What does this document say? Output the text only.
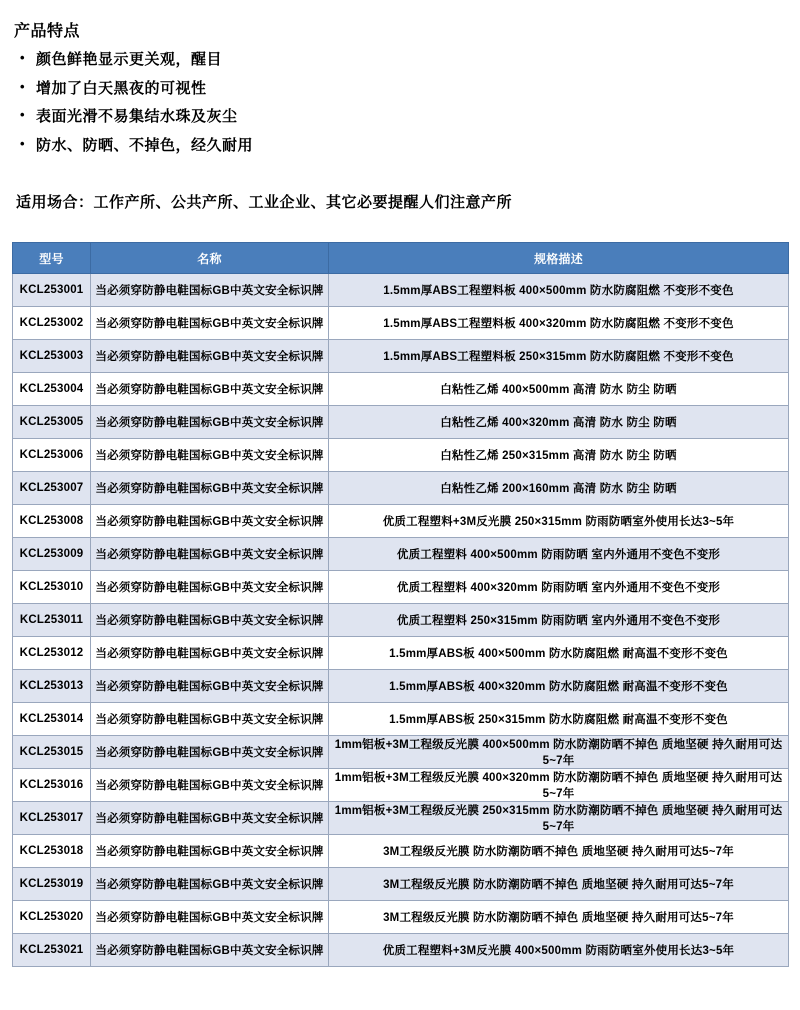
产品特点
• 颜色鲜艳显示更关观，醒目
• 增加了白天黑夜的可视性
• 表面光滑不易集结水珠及灰尘
• 防水、防晒、不掉色，经久耐用
适用场合：工作产所、公共产所、工业企业、其它必要提醒人们注意产所
型号	名称	规格描述
KCL253001	当必须穿防静电鞋国标GB中英文安全标识牌	1.5mm厚ABS工程塑料板 400×500mm 防水防腐阻燃 不变形不变色
KCL253002	当必须穿防静电鞋国标GB中英文安全标识牌	1.5mm厚ABS工程塑料板 400×320mm 防水防腐阻燃 不变形不变色
KCL253003	当必须穿防静电鞋国标GB中英文安全标识牌	1.5mm厚ABS工程塑料板 250×315mm 防水防腐阻燃 不变形不变色
KCL253004	当必须穿防静电鞋国标GB中英文安全标识牌	白粘性乙烯 400×500mm 高清 防水 防尘 防晒
KCL253005	当必须穿防静电鞋国标GB中英文安全标识牌	白粘性乙烯 400×320mm 高清 防水 防尘 防晒
KCL253006	当必须穿防静电鞋国标GB中英文安全标识牌	白粘性乙烯 250×315mm 高清 防水 防尘 防晒
KCL253007	当必须穿防静电鞋国标GB中英文安全标识牌	白粘性乙烯 200×160mm 高清 防水 防尘 防晒
KCL253008	当必须穿防静电鞋国标GB中英文安全标识牌	优质工程塑料+3M反光膜 250×315mm 防雨防晒室外使用长达3~5年
KCL253009	当必须穿防静电鞋国标GB中英文安全标识牌	优质工程塑料 400×500mm 防雨防晒 室内外通用不变色不变形
KCL253010	当必须穿防静电鞋国标GB中英文安全标识牌	优质工程塑料 400×320mm 防雨防晒 室内外通用不变色不变形
KCL253011	当必须穿防静电鞋国标GB中英文安全标识牌	优质工程塑料 250×315mm 防雨防晒 室内外通用不变色不变形
KCL253012	当必须穿防静电鞋国标GB中英文安全标识牌	1.5mm厚ABS板 400×500mm 防水防腐阻燃 耐高温不变形不变色
KCL253013	当必须穿防静电鞋国标GB中英文安全标识牌	1.5mm厚ABS板 400×320mm 防水防腐阻燃 耐高温不变形不变色
KCL253014	当必须穿防静电鞋国标GB中英文安全标识牌	1.5mm厚ABS板 250×315mm 防水防腐阻燃 耐高温不变形不变色
KCL253015	当必须穿防静电鞋国标GB中英文安全标识牌	1mm铝板+3M工程级反光膜 400×500mm 防水防潮防晒不掉色 质地坚硬 持久耐用可达5~7年
KCL253016	当必须穿防静电鞋国标GB中英文安全标识牌	1mm铝板+3M工程级反光膜 400×320mm 防水防潮防晒不掉色 质地坚硬 持久耐用可达5~7年
KCL253017	当必须穿防静电鞋国标GB中英文安全标识牌	1mm铝板+3M工程级反光膜 250×315mm 防水防潮防晒不掉色 质地坚硬 持久耐用可达5~7年
KCL253018	当必须穿防静电鞋国标GB中英文安全标识牌	3M工程级反光膜 防水防潮防晒不掉色 质地坚硬 持久耐用可达5~7年
KCL253019	当必须穿防静电鞋国标GB中英文安全标识牌	3M工程级反光膜 防水防潮防晒不掉色 质地坚硬 持久耐用可达5~7年
KCL253020	当必须穿防静电鞋国标GB中英文安全标识牌	3M工程级反光膜 防水防潮防晒不掉色 质地坚硬 持久耐用可达5~7年
KCL253021	当必须穿防静电鞋国标GB中英文安全标识牌	优质工程塑料+3M反光膜 400×500mm 防雨防晒室外使用长达3~5年
